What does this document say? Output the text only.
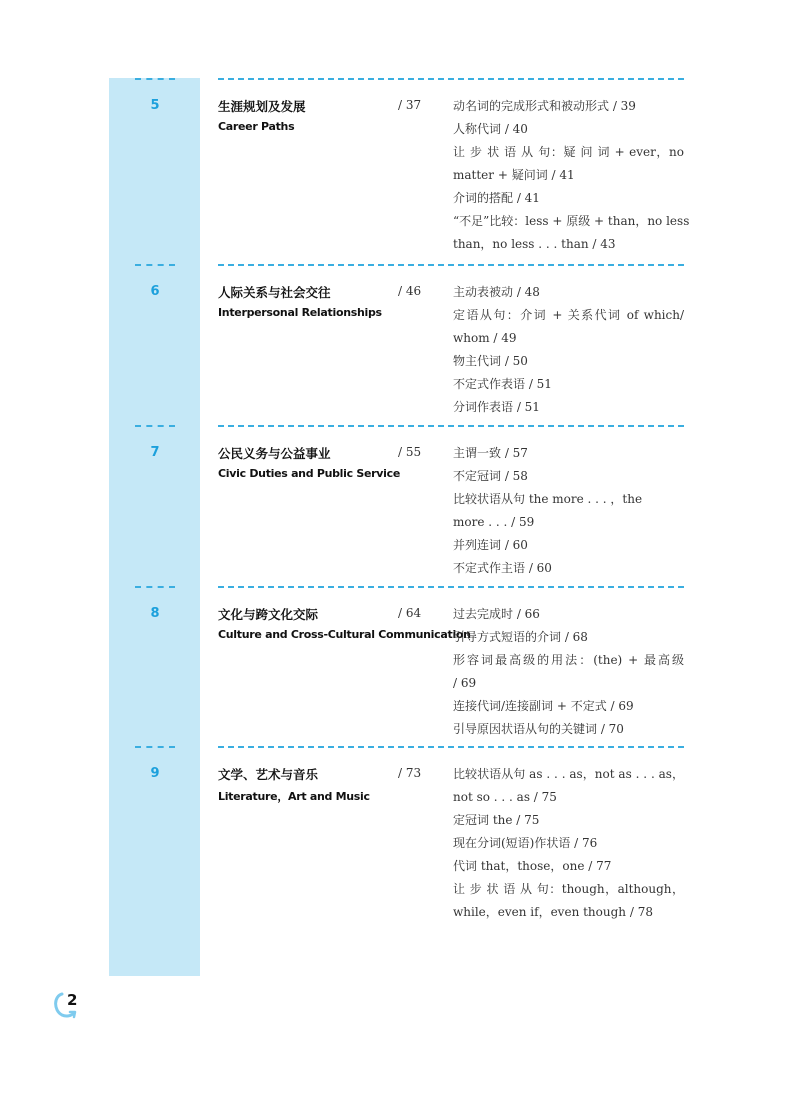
5	生涯规划及发展
Career Paths
/ 37	动名词的完成形式和被动形式 / 39
人称代词 / 40
让 步 状 语 从 句：疑 问 词 + ever，no
matter + 疑问词 / 41
介词的搭配 / 41
“不足”比较：less + 原级 + than，no less
than，no less . . . than / 43
6	人际关系与社会交往
Interpersonal Relationships
/ 46	主动表被动 / 48
定语从句：介词 + 关系代词 of which/
whom / 49
物主代词 / 50
不定式作表语 / 51
分词作表语 / 51
7	公民义务与公益事业
Civic Duties and Public Service
/ 55	主谓一致 / 57
不定冠词 / 58
比较状语从句 the more . . . ，the
more . . . / 59
并列连词 / 60
不定式作主语 / 60
8	文化与跨文化交际
Culture and Cross-Cultural Communication
/ 64	过去完成时 / 66
引导方式短语的介词 / 68
形容词最高级的用法：(the) + 最高级
/ 69
连接代词/连接副词 + 不定式 / 69
引导原因状语从句的关键词 / 70
9	文学、艺术与音乐
Literature，Art and Music
/ 73	比较状语从句 as . . . as，not as . . . as，
not so . . . as / 75
定冠词 the / 75
现在分词(短语)作状语 / 76
代词 that，those，one / 77
让 步 状 语 从 句：though，although，
while，even if，even though / 78
2
